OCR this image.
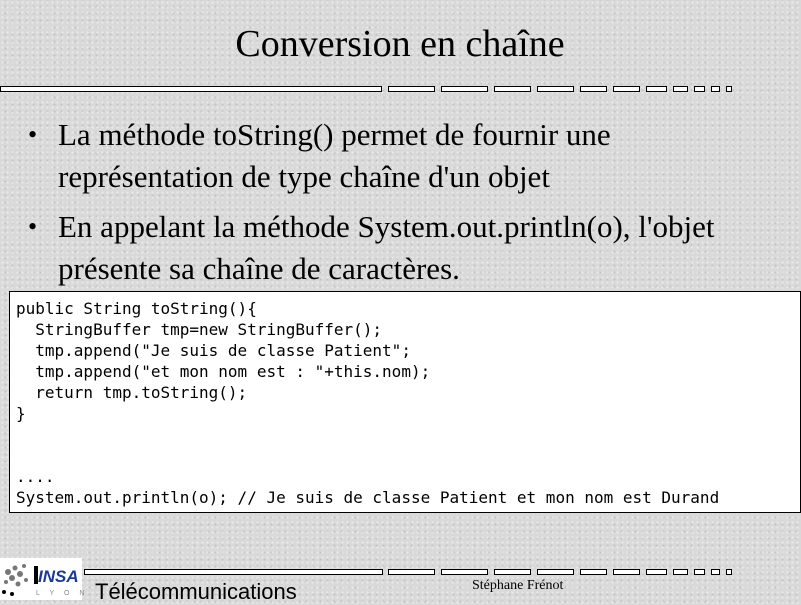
Conversion en chaîne
• La méthode toString() permet de fournir une représentation de type chaîne d'un objet
• En appelant la méthode System.out.println(o), l'objet présente sa chaîne de caractères.
public String toString(){
StringBuffer tmp=new StringBuffer();
tmp.append("Je suis de classe Patient";
tmp.append("et mon nom est : "+this.nom);
return tmp.toString();
}

....
System.out.println(o); // Je suis de classe Patient et mon nom est Durand
INSA
L Y O N Télécommunications	Stéphane Frénot
